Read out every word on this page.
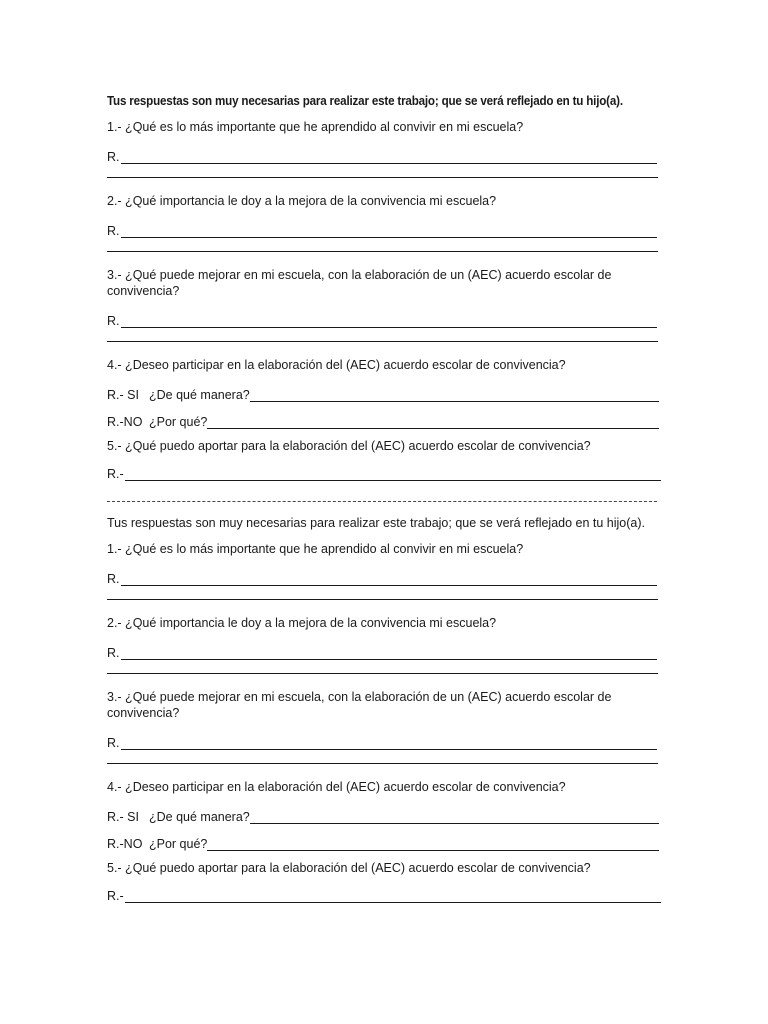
Tus respuestas son muy necesarias para realizar este trabajo; que se verá reflejado en tu hijo(a).
1.- ¿Qué es lo más importante que he aprendido al convivir en mi escuela?
R.
2.- ¿Qué importancia le doy a la mejora de la convivencia mi escuela?
R.
3.- ¿Qué puede mejorar en mi escuela, con la elaboración de un (AEC) acuerdo escolar de convivencia?
R.
4.- ¿Deseo participar en la elaboración del (AEC) acuerdo escolar de convivencia?
R.- SI ¿De qué manera?
R.-NO ¿Por qué?
5.- ¿Qué puedo aportar para la elaboración del (AEC) acuerdo escolar de convivencia?
R.-
Tus respuestas son muy necesarias para realizar este trabajo; que se verá reflejado en tu hijo(a).
1.- ¿Qué es lo más importante que he aprendido al convivir en mi escuela?
R.
2.- ¿Qué importancia le doy a la mejora de la convivencia mi escuela?
R.
3.- ¿Qué puede mejorar en mi escuela, con la elaboración de un (AEC) acuerdo escolar de convivencia?
R.
4.- ¿Deseo participar en la elaboración del (AEC) acuerdo escolar de convivencia?
R.- SI ¿De qué manera?
R.-NO ¿Por qué?
5.- ¿Qué puedo aportar para la elaboración del (AEC) acuerdo escolar de convivencia?
R.-
